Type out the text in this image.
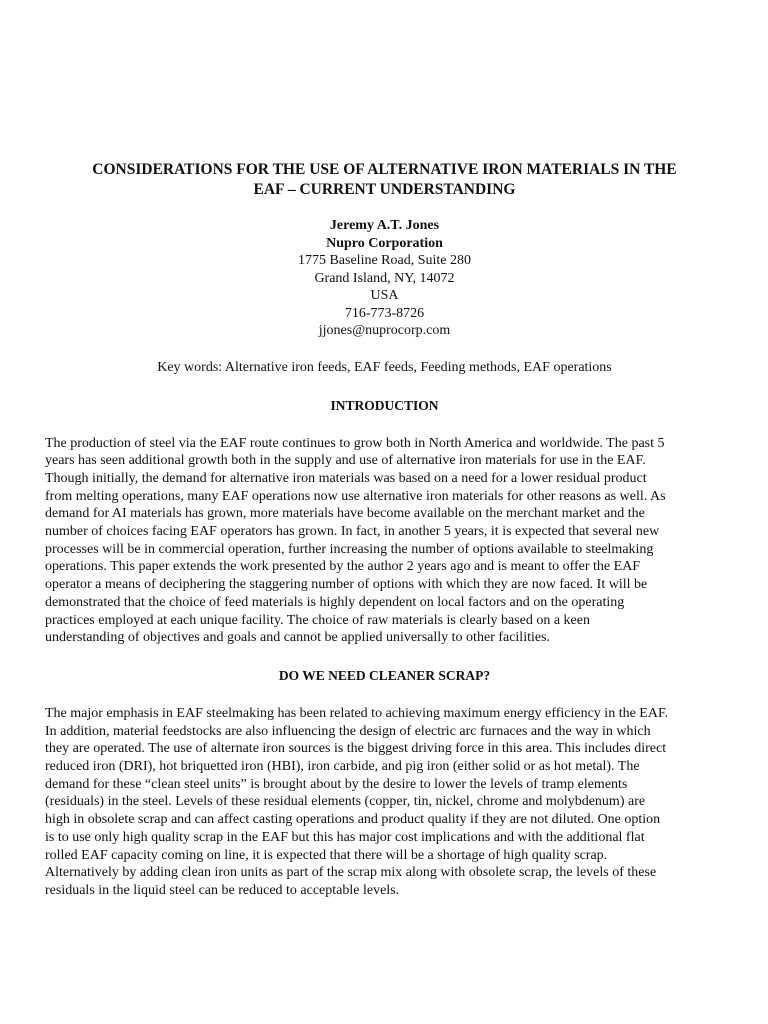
CONSIDERATIONS FOR THE USE OF ALTERNATIVE IRON MATERIALS IN THE
EAF – CURRENT UNDERSTANDING
Jeremy A.T. Jones
Nupro Corporation
1775 Baseline Road, Suite 280
Grand Island, NY, 14072
USA
716-773-8726
jjones@nuprocorp.com
Key words: Alternative iron feeds, EAF feeds, Feeding methods, EAF operations
INTRODUCTION

The production of steel via the EAF route continues to grow both in North America and worldwide. The past 5
years has seen additional growth both in the supply and use of alternative iron materials for use in the EAF.
Though initially, the demand for alternative iron materials was based on a need for a lower residual product
from melting operations, many EAF operations now use alternative iron materials for other reasons as well. As
demand for AI materials has grown, more materials have become available on the merchant market and the
number of choices facing EAF operators has grown. In fact, in another 5 years, it is expected that several new
processes will be in commercial operation, further increasing the number of options available to steelmaking
operations. This paper extends the work presented by the author 2 years ago and is meant to offer the EAF
operator a means of deciphering the staggering number of options with which they are now faced. It will be
demonstrated that the choice of feed materials is highly dependent on local factors and on the operating
practices employed at each unique facility. The choice of raw materials is clearly based on a keen
understanding of objectives and goals and cannot be applied universally to other facilities.

DO WE NEED CLEANER SCRAP?

The major emphasis in EAF steelmaking has been related to achieving maximum energy efficiency in the EAF.
In addition, material feedstocks are also influencing the design of electric arc furnaces and the way in which
they are operated. The use of alternate iron sources is the biggest driving force in this area. This includes direct
reduced iron (DRI), hot briquetted iron (HBI), iron carbide, and pig iron (either solid or as hot metal). The
demand for these “clean steel units” is brought about by the desire to lower the levels of tramp elements
(residuals) in the steel. Levels of these residual elements (copper, tin, nickel, chrome and molybdenum) are
high in obsolete scrap and can affect casting operations and product quality if they are not diluted. One option
is to use only high quality scrap in the EAF but this has major cost implications and with the additional flat
rolled EAF capacity coming on line, it is expected that there will be a shortage of high quality scrap.
Alternatively by adding clean iron units as part of the scrap mix along with obsolete scrap, the levels of these
residuals in the liquid steel can be reduced to acceptable levels.
